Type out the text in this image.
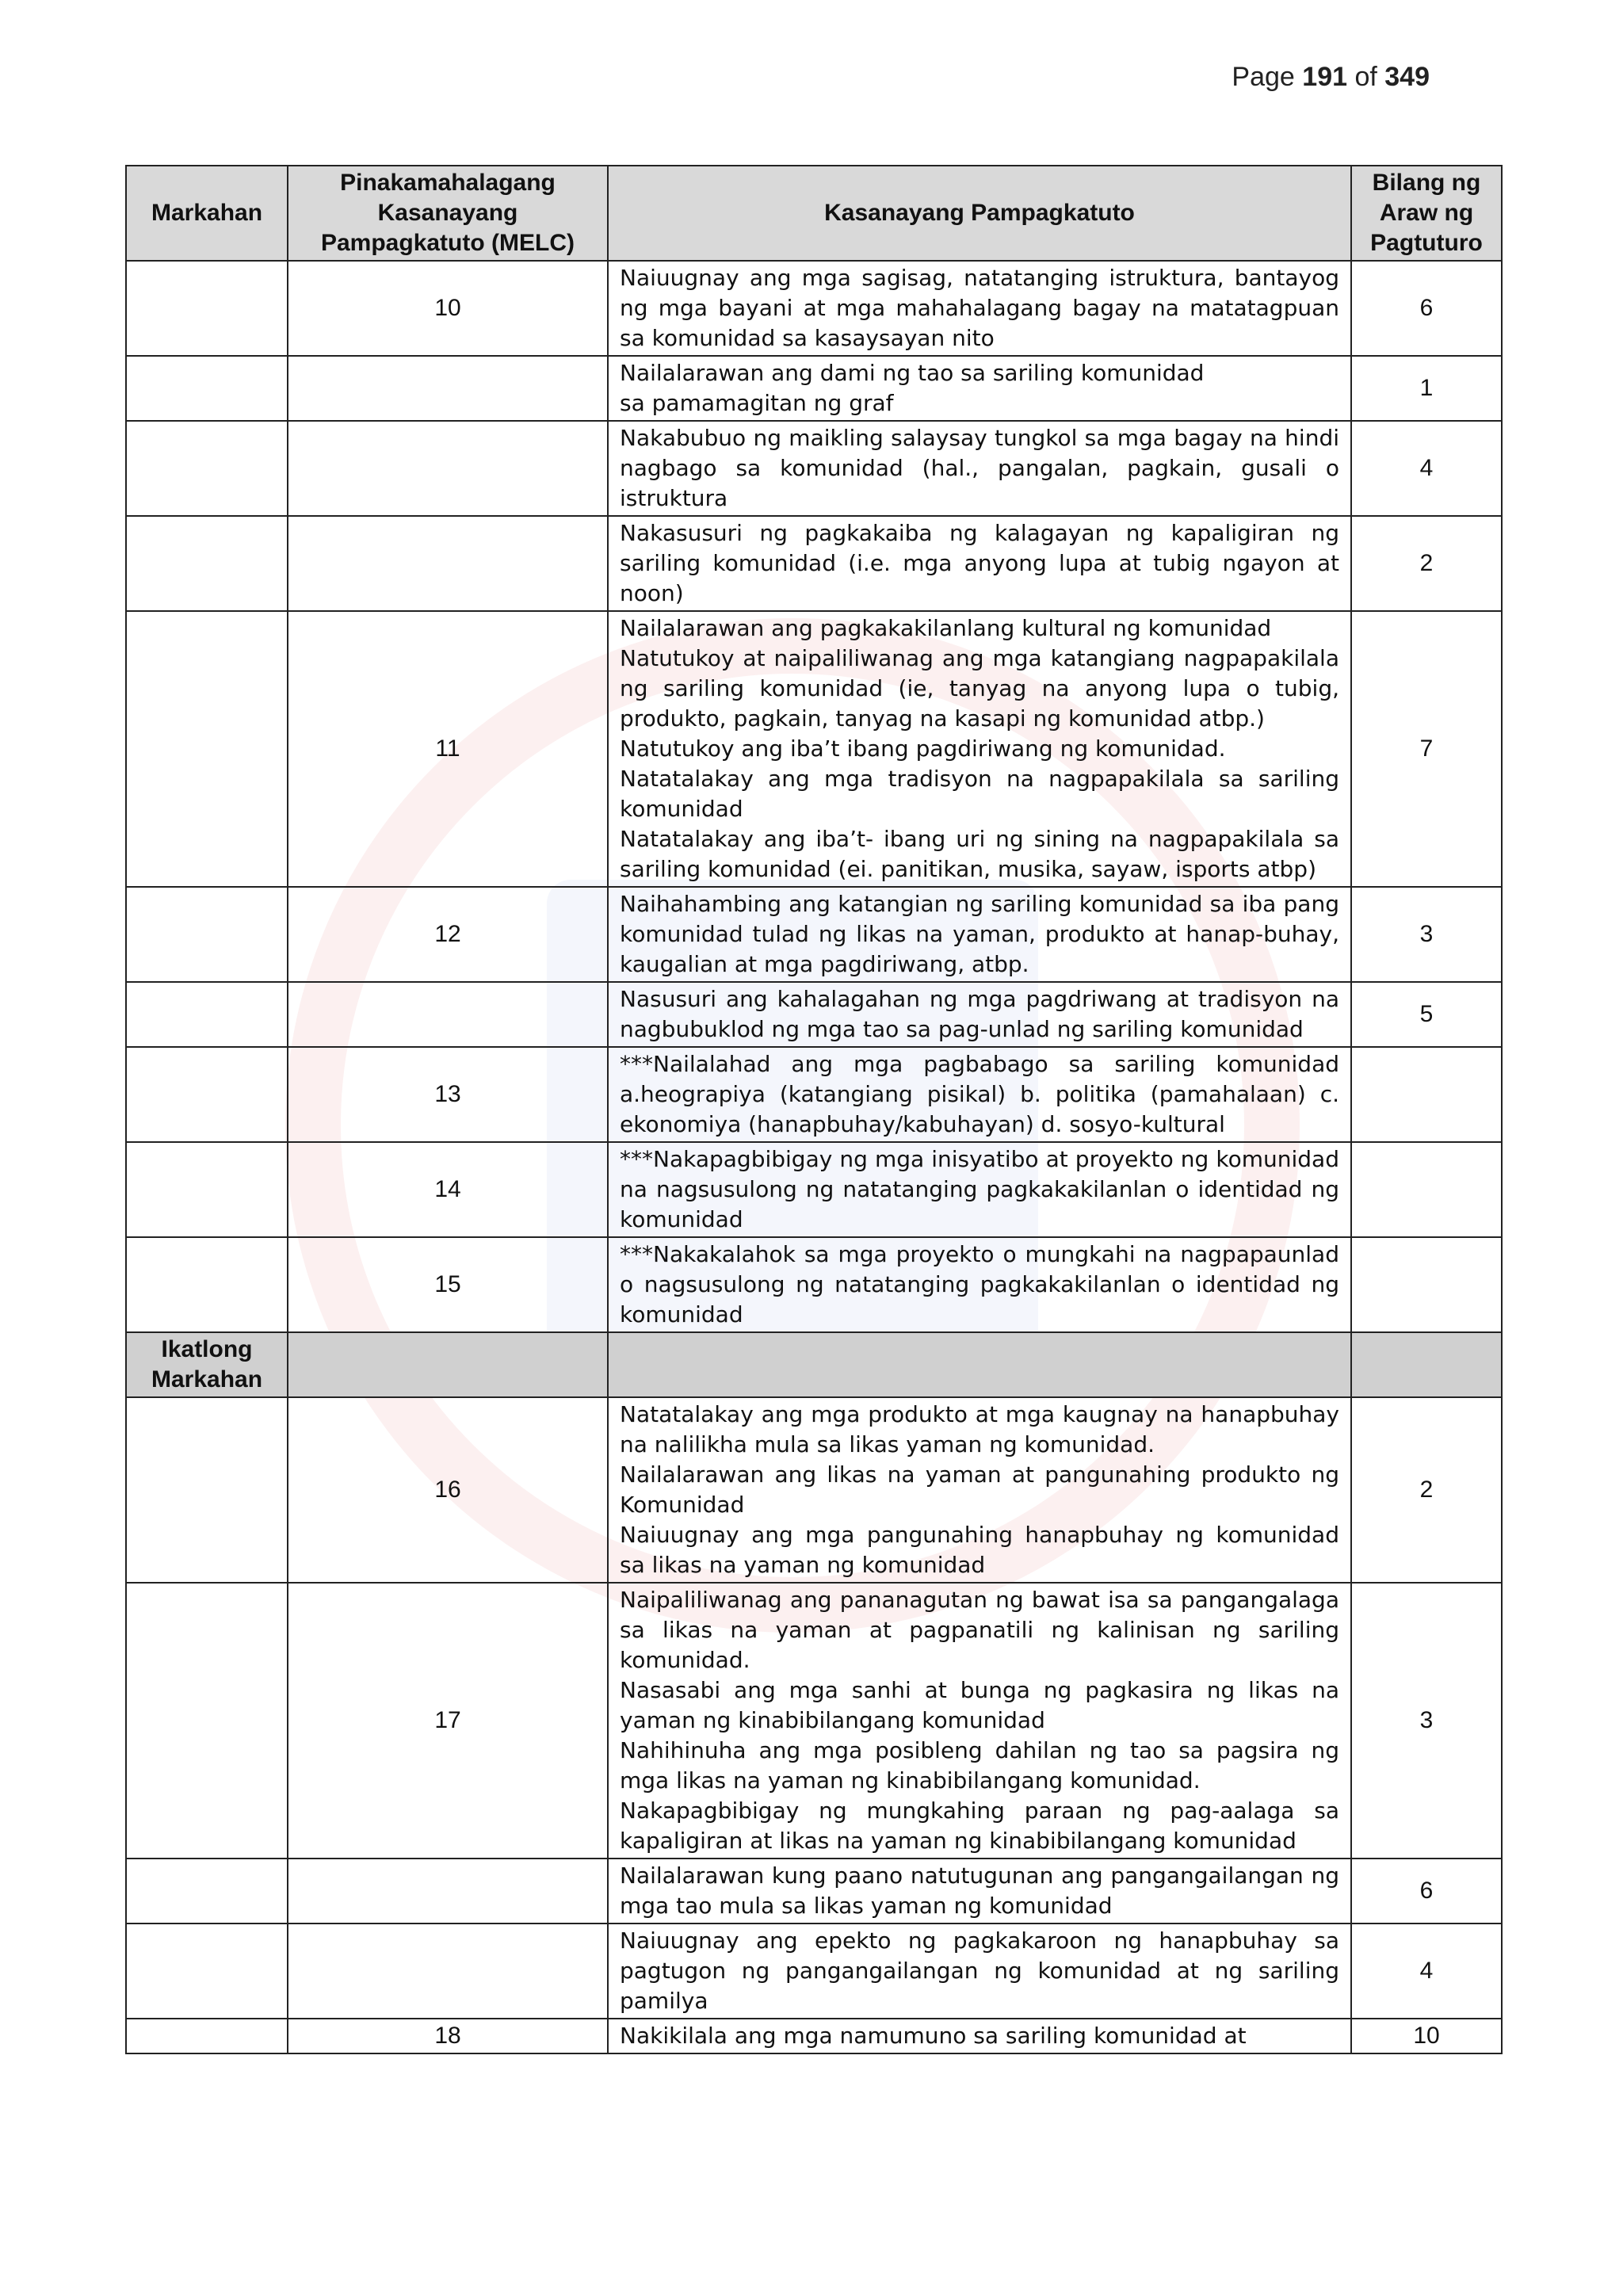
Page 191 of 349
Markahan	Pinakamahalagang Kasanayang Pampagkatuto (MELC)	Kasanayang Pampagkatuto	Bilang ng Araw ng Pagtuturo
	10	Naiuugnay ang mga sagisag, natatanging istruktura, bantayog ng mga bayani at mga mahahalagang bagay na matatagpuan sa komunidad sa kasaysayan nito	6

		Nailalarawan ang dami ng tao sa sariling komunidad
sa pamamagitan ng graf	1

		Nakabubuo ng maikling salaysay tungkol sa mga bagay na hindi nagbago sa komunidad (hal., pangalan, pagkain, gusali o istruktura	4

		Nakasusuri ng pagkakaiba ng kalagayan ng kapaligiran ng sariling komunidad (i.e. mga anyong lupa at tubig ngayon at noon)	2
	11	Nailalarawan ang pagkakakilanlang kultural ng komunidad
Natutukoy at naipaliliwanag ang mga katangiang nagpapakilala ng sariling komunidad (ie, tanyag na anyong lupa o tubig, produkto, pagkain, tanyag na kasapi ng komunidad atbp.)
Natutukoy ang iba’t ibang pagdiriwang ng komunidad.
Natatalakay ang mga tradisyon na nagpapakilala sa sariling komunidad
Natatalakay ang iba’t- ibang uri ng sining na nagpapakilala sa sariling komunidad (ei. panitikan, musika, sayaw, isports atbp)	7
	12	Naihahambing ang katangian ng sariling komunidad sa iba pang komunidad tulad ng likas na yaman, produkto at hanap-buhay, kaugalian at mga pagdiriwang, atbp.	3

		Nasusuri ang kahalagahan ng mga pagdriwang at tradisyon na nagbubuklod ng mga tao sa pag-unlad ng sariling komunidad	5
	13	***Nailalahad ang mga pagbabago sa sariling komunidad a.heograpiya (katangiang pisikal) b. politika (pamahalaan) c. ekonomiya (hanapbuhay/kabuhayan) d. sosyo-kultural	

	14	***Nakapagbibigay ng mga inisyatibo at proyekto ng komunidad na nagsusulong ng natatanging pagkakakilanlan o identidad ng komunidad	

	15	***Nakakalahok sa mga proyekto o mungkahi na nagpapaunlad o nagsusulong ng natatanging pagkakakilanlan o identidad ng komunidad	

Ikatlong Markahan			
	16	Natatalakay ang mga produkto at mga kaugnay na hanapbuhay na nalilikha mula sa likas yaman ng komunidad.
Nailalarawan ang likas na yaman at pangunahing produkto ng Komunidad
Naiuugnay ang mga pangunahing hanapbuhay ng komunidad sa likas na yaman ng komunidad	2
	17	Naipaliliwanag ang pananagutan ng bawat isa sa pangangalaga sa likas na yaman at pagpanatili ng kalinisan ng sariling komunidad.
Nasasabi ang mga sanhi at bunga ng pagkasira ng likas na yaman ng kinabibilangang komunidad
Nahihinuha ang mga posibleng dahilan ng tao sa pagsira ng mga likas na yaman ng kinabibilangang komunidad.
Nakapagbibigay ng mungkahing paraan ng pag-aalaga sa kapaligiran at likas na yaman ng kinabibilangang komunidad	3

		Nailalarawan kung paano natutugunan ang pangangailangan ng mga tao mula sa likas yaman ng komunidad	6

		Naiuugnay ang epekto ng pagkakaroon ng hanapbuhay sa pagtugon ng pangangailangan ng komunidad at ng sariling pamilya	4
	18	Nakikilala ang mga namumuno sa sariling komunidad at	10
